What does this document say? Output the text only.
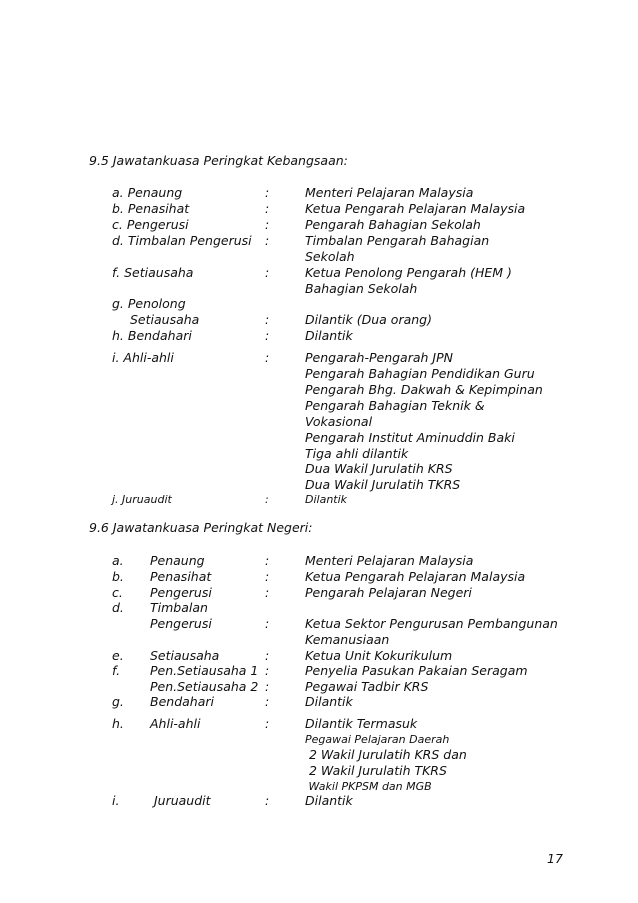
9.5 Jawatankuasa Peringkat Kebangsaan:
a. Penaung	:	Menteri Pelajaran Malaysia
b. Penasihat	:	Ketua Pengarah Pelajaran Malaysia
c. Pengerusi	:	Pengarah Bahagian Sekolah
d. Timbalan Pengerusi :	Timbalan Pengarah Bahagian
Sekolah
f. Setiausaha	:	Ketua Penolong Pengarah (HEM )
Bahagian Sekolah
g. Penolong
Setiausaha	:	Dilantik (Dua orang)
h. Bendahari	:	Dilantik
i. Ahli-ahli	:	Pengarah-Pengarah JPN
Pengarah Bahagian Pendidikan Guru
Pengarah Bhg. Dakwah & Kepimpinan
Pengarah Bahagian Teknik &
Vokasional
Pengarah Institut Aminuddin Baki
Tiga ahli dilantik
Dua Wakil Jurulatih KRS
Dua Wakil Jurulatih TKRS
j. Juruaudit	:	Dilantik
9.6 Jawatankuasa Peringkat Negeri:
a. Penaung	:	Menteri Pelajaran Malaysia
b. Penasihat	:	Ketua Pengarah Pelajaran Malaysia
c. Pengerusi	:	Pengarah Pelajaran Negeri
d. Timbalan
Pengerusi	:	Ketua Sektor Pengurusan Pembangunan
Kemanusiaan
e. Setiausaha	:	Ketua Unit Kokurikulum
f. Pen.Setiausaha 1 :	Penyelia Pasukan Pakaian Seragam
Pen.Setiausaha 2 :	Pegawai Tadbir KRS
g. Bendahari	:	Dilantik
h. Ahli-ahli	:	Dilantik Termasuk
Pegawai Pelajaran Daerah
2 Wakil Jurulatih KRS dan
2 Wakil Jurulatih TKRS
Wakil PKPSM dan MGB
i. Juruaudit	:	Dilantik
17
